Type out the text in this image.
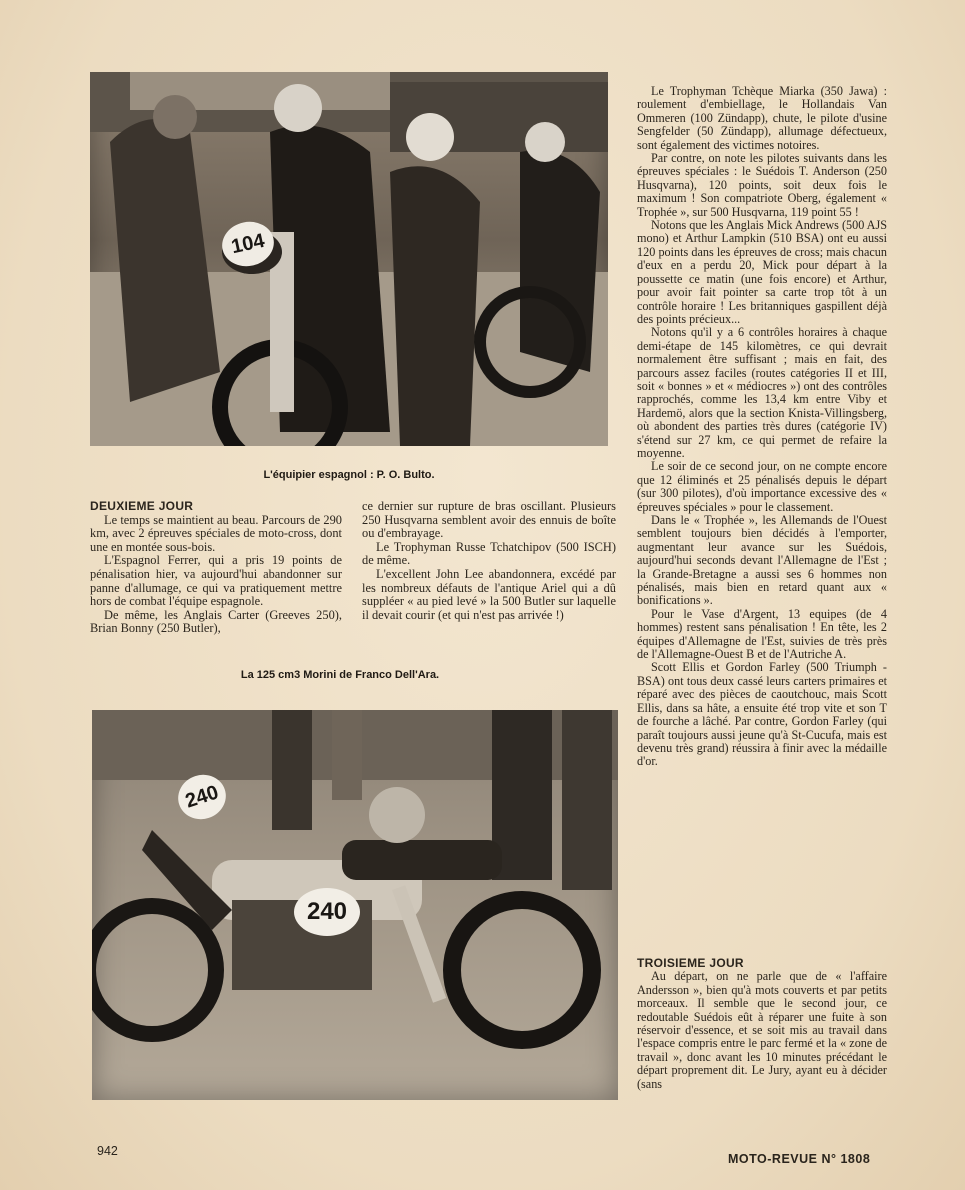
104
L'équipier espagnol : P. O. Bulto.

DEUXIEME JOUR

Le temps se maintient au beau. Parcours de 290 km, avec 2 épreuves spéciales de moto-cross, dont une en montée sous-bois.

L'Espagnol Ferrer, qui a pris 19 points de pénalisation hier, va aujourd'hui abandonner sur panne d'allumage, ce qui va pratiquement mettre hors de combat l'équipe espagnole.

De même, les Anglais Carter (Greeves 250), Brian Bonny (250 Butler),

ce dernier sur rupture de bras oscillant. Plusieurs 250 Husqvarna semblent avoir des ennuis de boîte ou d'embrayage.

Le Trophyman Russe Tchatchipov (500 ISCH) de même.

L'excellent John Lee abandonnera, excédé par les nombreux défauts de l'antique Ariel qui a dû suppléer « au pied levé » la 500 Butler sur laquelle il devait courir (et qui n'est pas arrivée !)

La 125 cm3 Morini de Franco Dell'Ara.
240
240

Le Trophyman Tchèque Miarka (350 Jawa) : roulement d'embiellage, le Hollandais Van Ommeren (100 Zündapp), chute, le pilote d'usine Sengfelder (50 Zündapp), allumage défectueux, sont également des victimes notoires.

Par contre, on note les pilotes suivants dans les épreuves spéciales : le Suédois T. Anderson (250 Husqvarna), 120 points, soit deux fois le maximum ! Son compatriote Oberg, également « Trophée », sur 500 Husqvarna, 119 point 55 !

Notons que les Anglais Mick Andrews (500 AJS mono) et Arthur Lampkin (510 BSA) ont eu aussi 120 points dans les épreuves de cross; mais chacun d'eux en a perdu 20, Mick pour départ à la poussette ce matin (une fois encore) et Arthur, pour avoir fait pointer sa carte trop tôt à un contrôle horaire ! Les britanniques gaspillent déjà des points précieux...

Notons qu'il y a 6 contrôles horaires à chaque demi-étape de 145 kilomètres, ce qui devrait normalement être suffisant ; mais en fait, des parcours assez faciles (routes catégories II et III, soit « bonnes » et « médiocres ») ont des contrôles rapprochés, comme les 13,4 km entre Viby et Hardemö, alors que la section Knista-Villingsberg, où abondent des parties très dures (catégorie IV) s'étend sur 27 km, ce qui permet de refaire la moyenne.

Le soir de ce second jour, on ne compte encore que 12 éliminés et 25 pénalisés depuis le départ (sur 300 pilotes), d'où importance excessive des « épreuves spéciales » pour le classement.

Dans le « Trophée », les Allemands de l'Ouest semblent toujours bien décidés à l'emporter, augmentant leur avance sur les Suédois, aujourd'hui seconds devant l'Allemagne de l'Est ; la Grande-Bretagne a aussi ses 6 hommes non pénalisés, mais bien en retard quant aux « bonifications ».

Pour le Vase d'Argent, 13 equipes (de 4 hommes) restent sans pénalisation ! En tête, les 2 équipes d'Allemagne de l'Est, suivies de très près de l'Allemagne-Ouest B et de l'Autriche A.

Scott Ellis et Gordon Farley (500 Triumph - BSA) ont tous deux cassé leurs carters primaires et réparé avec des pièces de caoutchouc, mais Scott Ellis, dans sa hâte, a ensuite été trop vite et son T de fourche a lâché. Par contre, Gordon Farley (qui paraît toujours aussi jeune qu'à St-Cucufa, mais est devenu très grand) réussira à finir avec la médaille d'or.

TROISIEME JOUR

Au départ, on ne parle que de « l'affaire Andersson », bien qu'à mots couverts et par petits morceaux. Il semble que le second jour, ce redoutable Suédois eût à réparer une fuite à son réservoir d'essence, et se soit mis au travail dans l'espace compris entre le parc fermé et la « zone de travail », donc avant les 10 minutes précédant le départ proprement dit. Le Jury, ayant eu à décider (sans

942
MOTO-REVUE N° 1808
